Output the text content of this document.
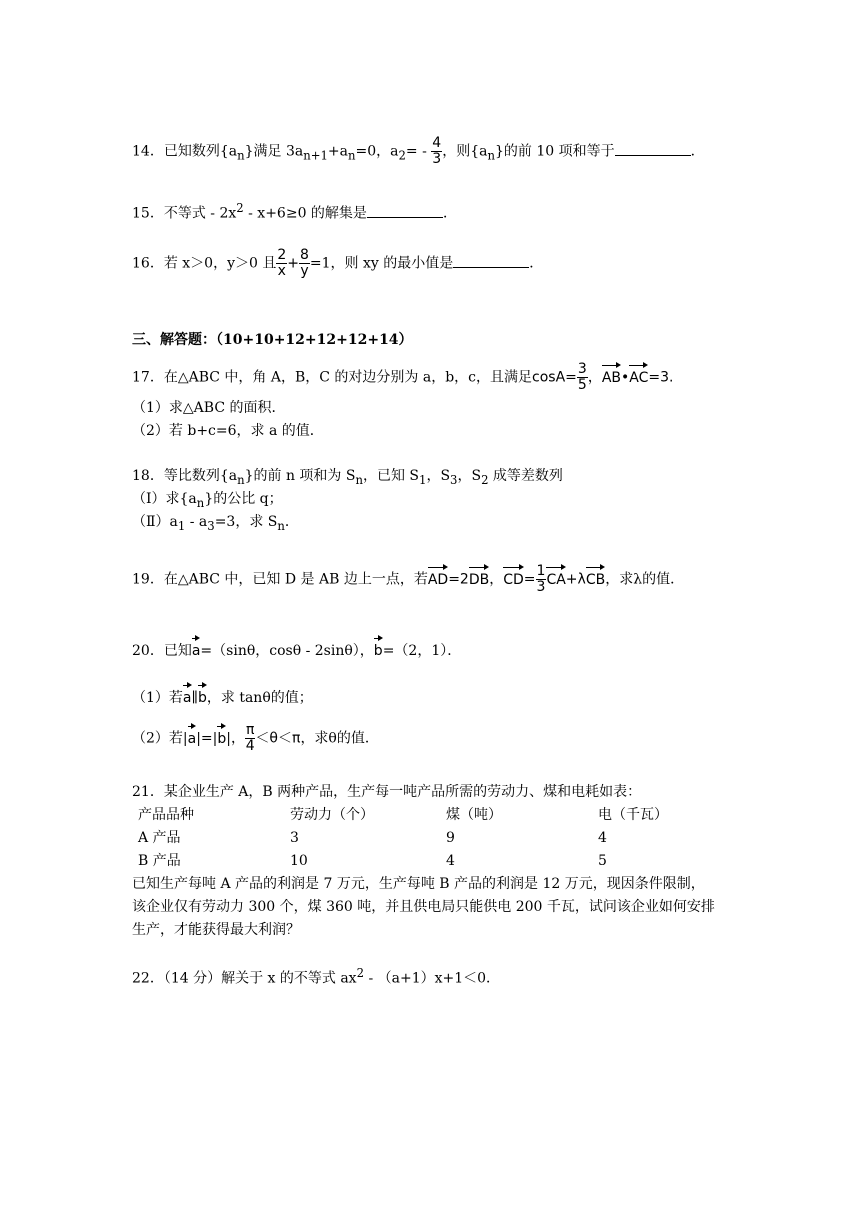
14．已知数列$\{a_n\}$满足 $3a_{n+1}+a_n=0$，$a_2= - \frac{4}{3}$ ，则$\{a_n\}$的前 10 项和等于	．
15．不等式 - $2x^2 - x+6\ge 0$ 的解集是	．
16．若 x＞0，y＞0 且 $\frac{2}{x} + \frac{8}{y} =1$，则 xy 的最小值是	．
三、解答题：（10+10+12+12+12+14）
17．在△ABC 中，角 A，B，C 的对边分别为 a，b，c，且满足$\cos A= \frac{3}{5}$ ，AB•AC=3.
（1）求△ABC 的面积．
（2）若 b+c=6，求 a 的值．
18．等比数列$\{a_n\}$的前 n 项和为 $S_n$，已知 $S_1$，$S_3$，$S_2$ 成等差数列
（Ⅰ）求$\{a_n\}$的公比 q；
$(Ⅱ)a_1 - a_3=3$，求 $S_n$．
19．在△ABC 中，已知 D 是 AB 边上一点，若AD=2DB，$CD= \frac{1}{3} CA+\lambda CB$，求λ的值．
20．已知a=（sinθ，cosθ - 2sinθ），b=（2，1）．
（1）若a∥b，求 tanθ的值；
（2）若|a|=|b|， $\frac{\pi}{4} <\theta<\pi$，求θ的值．
21．某企业生产 A，B 两种产品，生产每一吨产品所需的劳动力、煤和电耗如表：
产品品种	劳动力（个）	煤（吨）	电（千瓦）
A 产品	3	9	4
B 产品	10	4	5
已知生产每吨 A 产品的利润是 7 万元，生产每吨 B 产品的利润是 12 万元，现因条件限制，
该企业仅有劳动力 300 个，煤 360 吨，并且供电局只能供电 200 千瓦，试问该企业如何安排
生产，才能获得最大利润？
22．（14 分）解关于 x 的不等式 $ax^2 - (a+1)x+1<0$．
